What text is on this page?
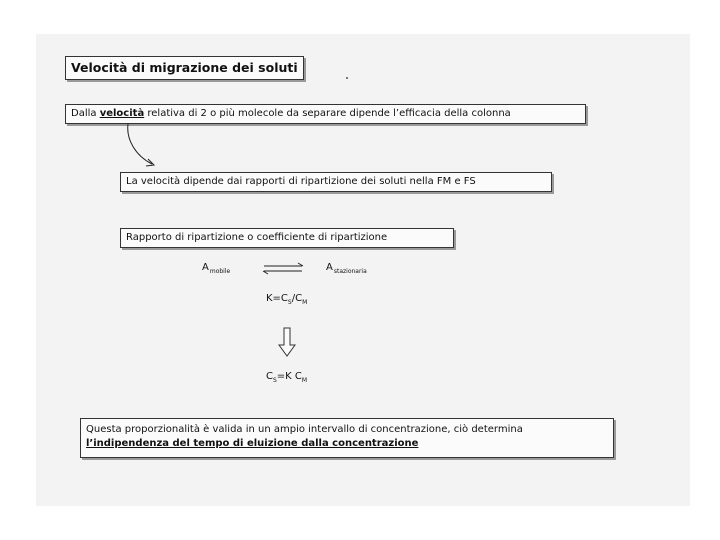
Velocità di migrazione dei soluti
Dalla velocità relativa di 2 o più molecole da separare dipende l’efficacia della colonna
La velocità dipende dai rapporti di ripartizione dei soluti nella FM e FS
Rapporto di ripartizione o coefficiente di ripartizione
$A_{mobile}$	$A_{stazionaria}$
$K=C_S/C_M$
$C_S=K$ $C_M$
Questa proporzionalità è valida in un ampio intervallo di concentrazione, ciò determina
l’indipendenza del tempo di eluizione dalla concentrazione
